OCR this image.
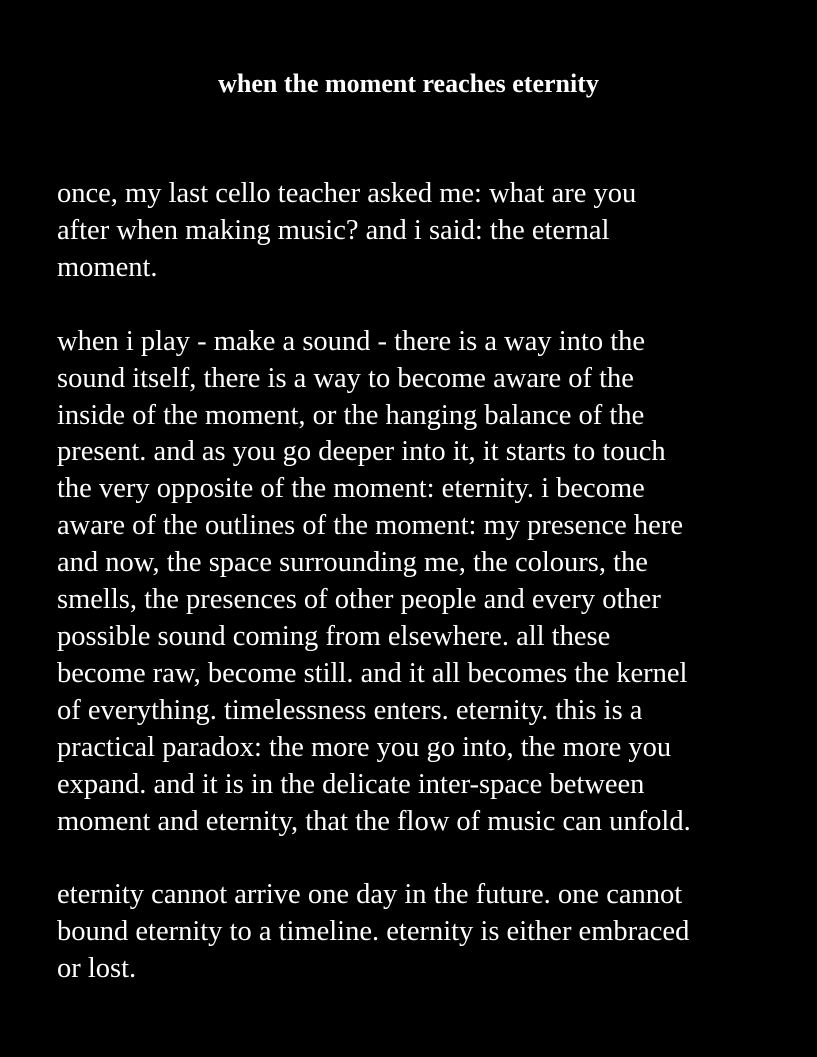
when the moment reaches eternity

once, my last cello teacher asked me: what are you
after when making music? and i said: the eternal
moment.

when i play - make a sound - there is a way into the
sound itself, there is a way to become aware of the
inside of the moment, or the hanging balance of the
present. and as you go deeper into it, it starts to touch
the very opposite of the moment: eternity. i become
aware of the outlines of the moment: my presence here
and now, the space surrounding me, the colours, the
smells, the presences of other people and every other
possible sound coming from elsewhere. all these
become raw, become still. and it all becomes the kernel
of everything. timelessness enters. eternity. this is a
practical paradox: the more you go into, the more you
expand. and it is in the delicate inter-space between
moment and eternity, that the flow of music can unfold.

eternity cannot arrive one day in the future. one cannot
bound eternity to a timeline. eternity is either embraced
or lost.
